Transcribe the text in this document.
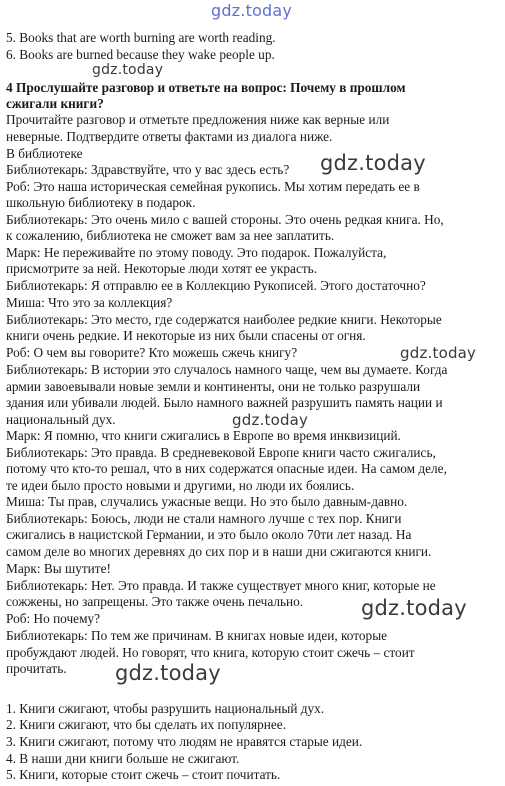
gdz.today
gdz.today
gdz.today
gdz.today
gdz.today
gdz.today
gdz.today
5. Books that are worth burning are worth reading.
6. Books are burned because they wake people up.
4 Прослушайте разговор и ответьте на вопрос: Почему в прошлом
сжигали книги?
Прочитайте разговор и отметьте предложения ниже как верные или
неверные. Подтвердите ответы фактами из диалога ниже.
В библиотеке
Библиотекарь: Здравствуйте, что у вас здесь есть?
Роб: Это наша историческая семейная рукопись. Мы хотим передать ее в
школьную библиотеку в подарок.
Библиотекарь: Это очень мило с вашей стороны. Это очень редкая книга. Но,
к сожалению, библиотека не сможет вам за нее заплатить.
Марк: Не переживайте по этому поводу. Это подарок. Пожалуйста,
присмотрите за ней. Некоторые люди хотят ее украсть.
Библиотекарь: Я отправлю ее в Коллекцию Рукописей. Этого достаточно?
Миша: Что это за коллекция?
Библиотекарь: Это место, где содержатся наиболее редкие книги. Некоторые
книги очень редкие. И некоторые из них были спасены от огня.
Роб: О чем вы говорите? Кто можешь сжечь книгу?
Библиотекарь: В истории это случалось намного чаще, чем вы думаете. Когда
армии завоевывали новые земли и континенты, они не только разрушали
здания или убивали людей. Было намного важней разрушить память нации и
национальный дух.
Марк: Я помню, что книги сжигались в Европе во время инквизиций.
Библиотекарь: Это правда. В средневековой Европе книги часто сжигались,
потому что кто-то решал, что в них содержатся опасные идеи. На самом деле,
те идеи было просто новыми и другими, но люди их боялись.
Миша: Ты прав, случались ужасные вещи. Но это было давным-давно.
Библиотекарь: Боюсь, люди не стали намного лучше с тех пор. Книги
сжигались в нацистской Германии, и это было около 70ти лет назад. На
самом деле во многих деревнях до сих пор и в наши дни сжигаются книги.
Марк: Вы шутите!
Библиотекарь: Нет. Это правда. И также существует много книг, которые не
сожжены, но запрещены. Это также очень печально.
Роб: Но почему?
Библиотекарь: По тем же причинам. В книгах новые идеи, которые
пробуждают людей. Но говорят, что книга, которую стоит сжечь – стоит
прочитать.
1. Книги сжигают, чтобы разрушить национальный дух.
2. Книги сжигают, что бы сделать их популярнее.
3. Книги сжигают, потому что людям не нравятся старые идеи.
4. В наши дни книги больше не сжигают.
5. Книги, которые стоит сжечь – стоит почитать.
